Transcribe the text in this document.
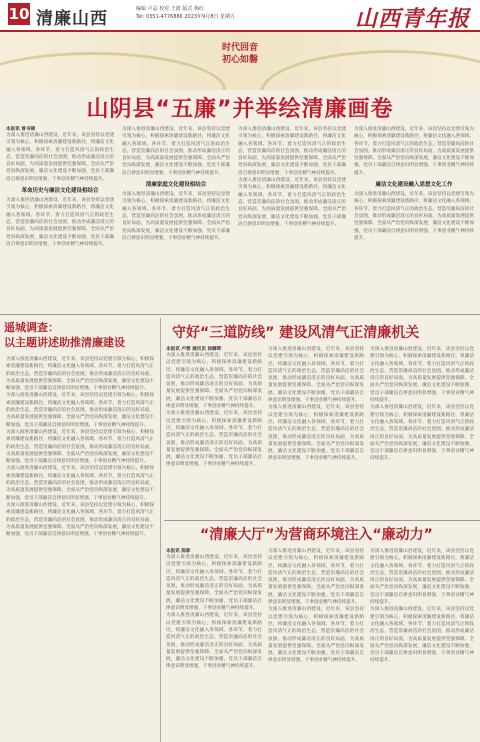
10 清廉山西	编辑 卢晶 校对 王蔚 版式 梅红
Tel: 0351-4776886 2023年9月8日 星期五	山西青年报
时代回音
初心如磐
山阴县“五廉”并举绘清廉画卷
本报讯 曾书锦
为深入推进清廉山西建设，近年来，该县坚持以党建引领为核心，积极探索清廉建设新路径，将廉洁文化融入各领域、各环节，着力打造风清气正的政治生态，营造崇廉尚洁的社会氛围，推动形成廉洁清正的良好局面，为高质量发展提供坚强保障。全面从严治党向纵深发展，廉洁文化建设不断加强，党员干部廉洁自律意识明显增强，干事创业精气神持续提升。
革命历史与廉洁文化建设相结合
为深入推进清廉山西建设，近年来，该县坚持以党建引领为核心，积极探索清廉建设新路径，将廉洁文化融入各领域、各环节，着力打造风清气正的政治生态，营造崇廉尚洁的社会氛围，推动形成廉洁清正的良好局面，为高质量发展提供坚强保障。全面从严治党向纵深发展，廉洁文化建设不断加强，党员干部廉洁自律意识明显增强，干事创业精气神持续提升。
为深入推进清廉山西建设，近年来，该县坚持以党建引领为核心，积极探索清廉建设新路径，将廉洁文化融入各领域、各环节，着力打造风清气正的政治生态，营造崇廉尚洁的社会氛围，推动形成廉洁清正的良好局面，为高质量发展提供坚强保障。全面从严治党向纵深发展，廉洁文化建设不断加强，党员干部廉洁自律意识明显增强，干事创业精气神持续提升。
清廉家庭文化建设相结合
为深入推进清廉山西建设，近年来，该县坚持以党建引领为核心，积极探索清廉建设新路径，将廉洁文化融入各领域、各环节，着力打造风清气正的政治生态，营造崇廉尚洁的社会氛围，推动形成廉洁清正的良好局面，为高质量发展提供坚强保障。全面从严治党向纵深发展，廉洁文化建设不断加强，党员干部廉洁自律意识明显增强，干事创业精气神持续提升。
为深入推进清廉山西建设，近年来，该县坚持以党建引领为核心，积极探索清廉建设新路径，将廉洁文化融入各领域、各环节，着力打造风清气正的政治生态，营造崇廉尚洁的社会氛围，推动形成廉洁清正的良好局面，为高质量发展提供坚强保障。全面从严治党向纵深发展，廉洁文化建设不断加强，党员干部廉洁自律意识明显增强，干事创业精气神持续提升。
为深入推进清廉山西建设，近年来，该县坚持以党建引领为核心，积极探索清廉建设新路径，将廉洁文化融入各领域、各环节，着力打造风清气正的政治生态，营造崇廉尚洁的社会氛围，推动形成廉洁清正的良好局面，为高质量发展提供坚强保障。全面从严治党向纵深发展，廉洁文化建设不断加强，党员干部廉洁自律意识明显增强，干事创业精气神持续提升。
为深入推进清廉山西建设，近年来，该县坚持以党建引领为核心，积极探索清廉建设新路径，将廉洁文化融入各领域、各环节，着力打造风清气正的政治生态，营造崇廉尚洁的社会氛围，推动形成廉洁清正的良好局面，为高质量发展提供坚强保障。全面从严治党向纵深发展，廉洁文化建设不断加强，党员干部廉洁自律意识明显增强，干事创业精气神持续提升。
廉洁文化建设融入思想文化工作
为深入推进清廉山西建设，近年来，该县坚持以党建引领为核心，积极探索清廉建设新路径，将廉洁文化融入各领域、各环节，着力打造风清气正的政治生态，营造崇廉尚洁的社会氛围，推动形成廉洁清正的良好局面，为高质量发展提供坚强保障。全面从严治党向纵深发展，廉洁文化建设不断加强，党员干部廉洁自律意识明显增强，干事创业精气神持续提升。
遥城调查：
以主题讲述助推清廉建设
为深入推进清廉山西建设，近年来，该县坚持以党建引领为核心，积极探索清廉建设新路径，将廉洁文化融入各领域、各环节，着力打造风清气正的政治生态，营造崇廉尚洁的社会氛围，推动形成廉洁清正的良好局面，为高质量发展提供坚强保障。全面从严治党向纵深发展，廉洁文化建设不断加强，党员干部廉洁自律意识明显增强，干事创业精气神持续提升。
为深入推进清廉山西建设，近年来，该县坚持以党建引领为核心，积极探索清廉建设新路径，将廉洁文化融入各领域、各环节，着力打造风清气正的政治生态，营造崇廉尚洁的社会氛围，推动形成廉洁清正的良好局面，为高质量发展提供坚强保障。全面从严治党向纵深发展，廉洁文化建设不断加强，党员干部廉洁自律意识明显增强，干事创业精气神持续提升。
为深入推进清廉山西建设，近年来，该县坚持以党建引领为核心，积极探索清廉建设新路径，将廉洁文化融入各领域、各环节，着力打造风清气正的政治生态，营造崇廉尚洁的社会氛围，推动形成廉洁清正的良好局面，为高质量发展提供坚强保障。全面从严治党向纵深发展，廉洁文化建设不断加强，党员干部廉洁自律意识明显增强，干事创业精气神持续提升。
为深入推进清廉山西建设，近年来，该县坚持以党建引领为核心，积极探索清廉建设新路径，将廉洁文化融入各领域、各环节，着力打造风清气正的政治生态，营造崇廉尚洁的社会氛围，推动形成廉洁清正的良好局面，为高质量发展提供坚强保障。全面从严治党向纵深发展，廉洁文化建设不断加强，党员干部廉洁自律意识明显增强，干事创业精气神持续提升。
为深入推进清廉山西建设，近年来，该县坚持以党建引领为核心，积极探索清廉建设新路径，将廉洁文化融入各领域、各环节，着力打造风清气正的政治生态，营造崇廉尚洁的社会氛围，推动形成廉洁清正的良好局面，为高质量发展提供坚强保障。全面从严治党向纵深发展，廉洁文化建设不断加强，党员干部廉洁自律意识明显增强，干事创业精气神持续提升。
守好“三道防线” 建设风清气正清廉机关
本报讯 卢蓉 通讯员 徐瞬晖
为深入推进清廉山西建设，近年来，该县坚持以党建引领为核心，积极探索清廉建设新路径，将廉洁文化融入各领域、各环节，着力打造风清气正的政治生态，营造崇廉尚洁的社会氛围，推动形成廉洁清正的良好局面，为高质量发展提供坚强保障。全面从严治党向纵深发展，廉洁文化建设不断加强，党员干部廉洁自律意识明显增强，干事创业精气神持续提升。
为深入推进清廉山西建设，近年来，该县坚持以党建引领为核心，积极探索清廉建设新路径，将廉洁文化融入各领域、各环节，着力打造风清气正的政治生态，营造崇廉尚洁的社会氛围，推动形成廉洁清正的良好局面，为高质量发展提供坚强保障。全面从严治党向纵深发展，廉洁文化建设不断加强，党员干部廉洁自律意识明显增强，干事创业精气神持续提升。
为深入推进清廉山西建设，近年来，该县坚持以党建引领为核心，积极探索清廉建设新路径，将廉洁文化融入各领域、各环节，着力打造风清气正的政治生态，营造崇廉尚洁的社会氛围，推动形成廉洁清正的良好局面，为高质量发展提供坚强保障。全面从严治党向纵深发展，廉洁文化建设不断加强，党员干部廉洁自律意识明显增强，干事创业精气神持续提升。
为深入推进清廉山西建设，近年来，该县坚持以党建引领为核心，积极探索清廉建设新路径，将廉洁文化融入各领域、各环节，着力打造风清气正的政治生态，营造崇廉尚洁的社会氛围，推动形成廉洁清正的良好局面，为高质量发展提供坚强保障。全面从严治党向纵深发展，廉洁文化建设不断加强，党员干部廉洁自律意识明显增强，干事创业精气神持续提升。
为深入推进清廉山西建设，近年来，该县坚持以党建引领为核心，积极探索清廉建设新路径，将廉洁文化融入各领域、各环节，着力打造风清气正的政治生态，营造崇廉尚洁的社会氛围，推动形成廉洁清正的良好局面，为高质量发展提供坚强保障。全面从严治党向纵深发展，廉洁文化建设不断加强，党员干部廉洁自律意识明显增强，干事创业精气神持续提升。
为深入推进清廉山西建设，近年来，该县坚持以党建引领为核心，积极探索清廉建设新路径，将廉洁文化融入各领域、各环节，着力打造风清气正的政治生态，营造崇廉尚洁的社会氛围，推动形成廉洁清正的良好局面，为高质量发展提供坚强保障。全面从严治党向纵深发展，廉洁文化建设不断加强，党员干部廉洁自律意识明显增强，干事创业精气神持续提升。
“清廉大厅”为营商环境注入“廉动力”
本报讯 陈影
为深入推进清廉山西建设，近年来，该县坚持以党建引领为核心，积极探索清廉建设新路径，将廉洁文化融入各领域、各环节，着力打造风清气正的政治生态，营造崇廉尚洁的社会氛围，推动形成廉洁清正的良好局面，为高质量发展提供坚强保障。全面从严治党向纵深发展，廉洁文化建设不断加强，党员干部廉洁自律意识明显增强，干事创业精气神持续提升。
为深入推进清廉山西建设，近年来，该县坚持以党建引领为核心，积极探索清廉建设新路径，将廉洁文化融入各领域、各环节，着力打造风清气正的政治生态，营造崇廉尚洁的社会氛围，推动形成廉洁清正的良好局面，为高质量发展提供坚强保障。全面从严治党向纵深发展，廉洁文化建设不断加强，党员干部廉洁自律意识明显增强，干事创业精气神持续提升。
为深入推进清廉山西建设，近年来，该县坚持以党建引领为核心，积极探索清廉建设新路径，将廉洁文化融入各领域、各环节，着力打造风清气正的政治生态，营造崇廉尚洁的社会氛围，推动形成廉洁清正的良好局面，为高质量发展提供坚强保障。全面从严治党向纵深发展，廉洁文化建设不断加强，党员干部廉洁自律意识明显增强，干事创业精气神持续提升。
为深入推进清廉山西建设，近年来，该县坚持以党建引领为核心，积极探索清廉建设新路径，将廉洁文化融入各领域、各环节，着力打造风清气正的政治生态，营造崇廉尚洁的社会氛围，推动形成廉洁清正的良好局面，为高质量发展提供坚强保障。全面从严治党向纵深发展，廉洁文化建设不断加强，党员干部廉洁自律意识明显增强，干事创业精气神持续提升。
为深入推进清廉山西建设，近年来，该县坚持以党建引领为核心，积极探索清廉建设新路径，将廉洁文化融入各领域、各环节，着力打造风清气正的政治生态，营造崇廉尚洁的社会氛围，推动形成廉洁清正的良好局面，为高质量发展提供坚强保障。全面从严治党向纵深发展，廉洁文化建设不断加强，党员干部廉洁自律意识明显增强，干事创业精气神持续提升。
为深入推进清廉山西建设，近年来，该县坚持以党建引领为核心，积极探索清廉建设新路径，将廉洁文化融入各领域、各环节，着力打造风清气正的政治生态，营造崇廉尚洁的社会氛围，推动形成廉洁清正的良好局面，为高质量发展提供坚强保障。全面从严治党向纵深发展，廉洁文化建设不断加强，党员干部廉洁自律意识明显增强，干事创业精气神持续提升。
